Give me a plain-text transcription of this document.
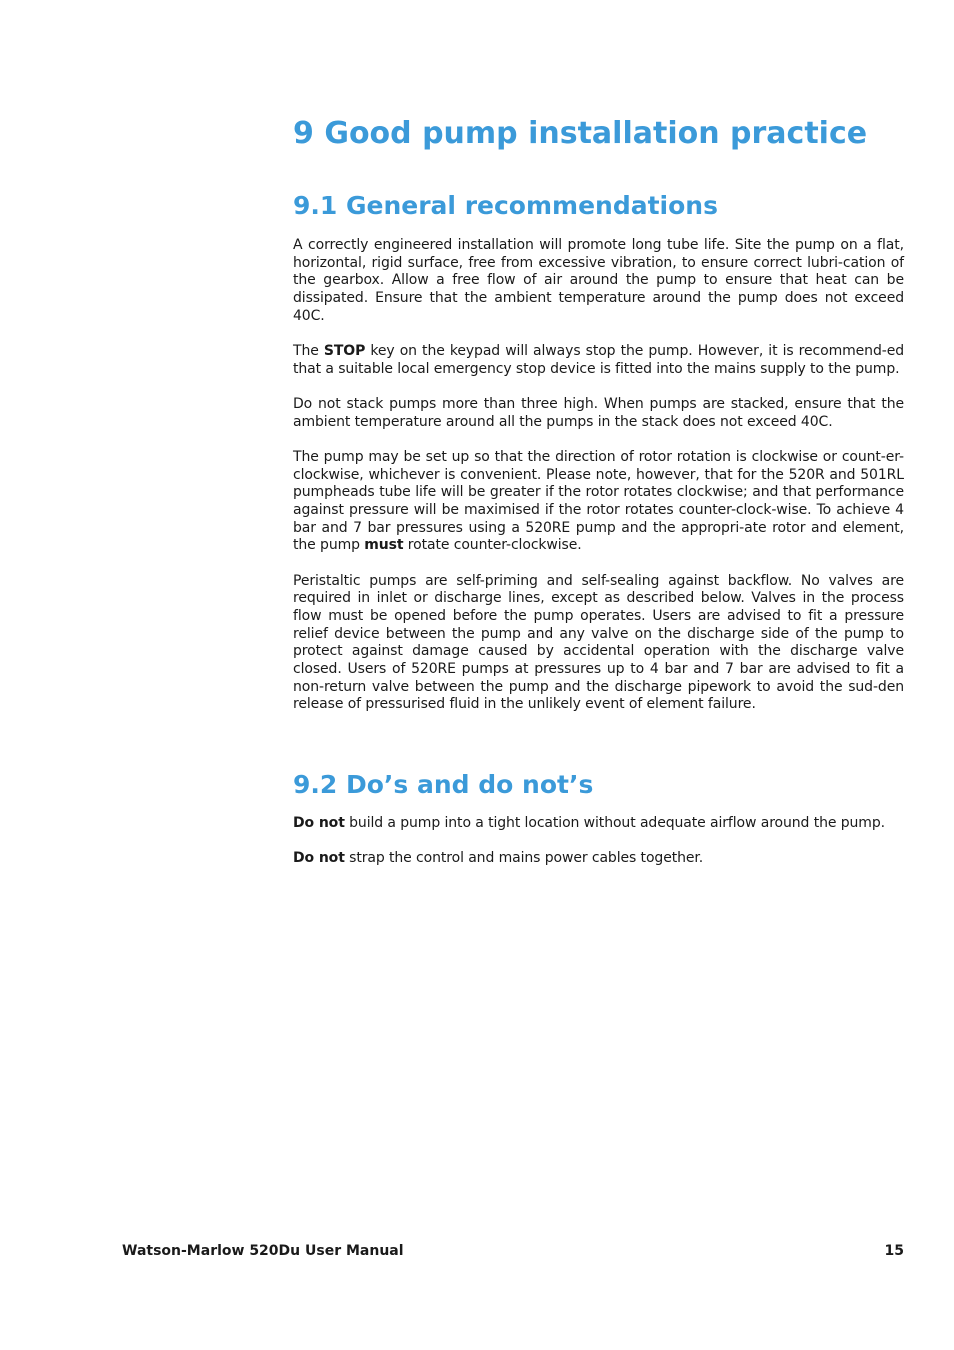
9 Good pump installation practice
9.1 General recommendations

A correctly engineered installation will promote long tube life. Site the pump on a flat, horizontal, rigid surface, free from excessive vibration, to ensure correct lubri-cation of the gearbox. Allow a free flow of air around the pump to ensure that heat can be dissipated. Ensure that the ambient temperature around the pump does not exceed 40C.

The STOP key on the keypad will always stop the pump. However, it is recommend-ed that a suitable local emergency stop device is fitted into the mains supply to the pump.

Do not stack pumps more than three high. When pumps are stacked, ensure that the ambient temperature around all the pumps in the stack does not exceed 40C.

The pump may be set up so that the direction of rotor rotation is clockwise or count-er-clockwise, whichever is convenient. Please note, however, that for the 520R and 501RL pumpheads tube life will be greater if the rotor rotates clockwise; and that performance against pressure will be maximised if the rotor rotates counter-clock-wise. To achieve 4 bar and 7 bar pressures using a 520RE pump and the appropri-ate rotor and element, the pump must rotate counter-clockwise.

Peristaltic pumps are self-priming and self-sealing against backflow. No valves are required in inlet or discharge lines, except as described below. Valves in the process flow must be opened before the pump operates. Users are advised to fit a pressure relief device between the pump and any valve on the discharge side of the pump to protect against damage caused by accidental operation with the discharge valve closed. Users of 520RE pumps at pressures up to 4 bar and 7 bar are advised to fit a non-return valve between the pump and the discharge pipework to avoid the sud-den release of pressurised fluid in the unlikely event of element failure.

9.2 Do’s and do not’s

Do not build a pump into a tight location without adequate airflow around the pump.

Do not strap the control and mains power cables together.

Watson-Marlow 520Du User Manual	15
